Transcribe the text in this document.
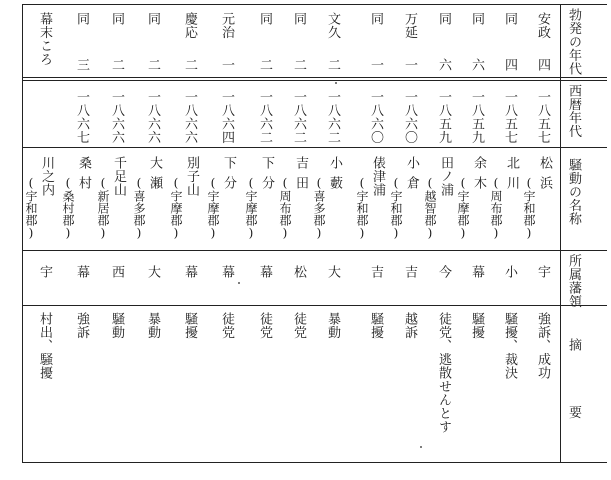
勃発の年代
西暦年代
騒動の名称
所属藩領
摘　　　　要
安政
四
一八五七
松
浜
(宇和郡)
宇
強訴、成功
同
四
一八五七
北
川
(周布郡)
小
騒擾、裁決
同
六
一八五九
余
木
(宇摩郡)
幕
騒擾
同
六
一八五九
田ノ浦
(越智郡)
今
徒党、逃散せんとす
万延
一
一八六〇
小
倉
(宇和郡)
吉
越訴
同
一
一八六〇
俵津浦
(宇和郡)
吉
騒擾
文久
二
一八六二
小
藪
(喜多郡)
大
暴動
同
二
一八六二
吉
田
(周布郡)
松
徒党
同
二
一八六二
下
分
(宇摩郡)
幕
徒党
元治
一
一八六四
下
分
(宇摩郡)
幕
徒党
慶応
二
一八六六
別子山
(宇摩郡)
幕
騒擾
同
二
一八六六
大
瀬
(喜多郡)
大
暴動
同
二
一八六六
千足山
(新居郡)
西
騒動
同
三
一八六七
桑
村
(桑村郡)
幕
強訴
幕末ころ
川之内
(宇和郡)
宇
村出、騒擾
